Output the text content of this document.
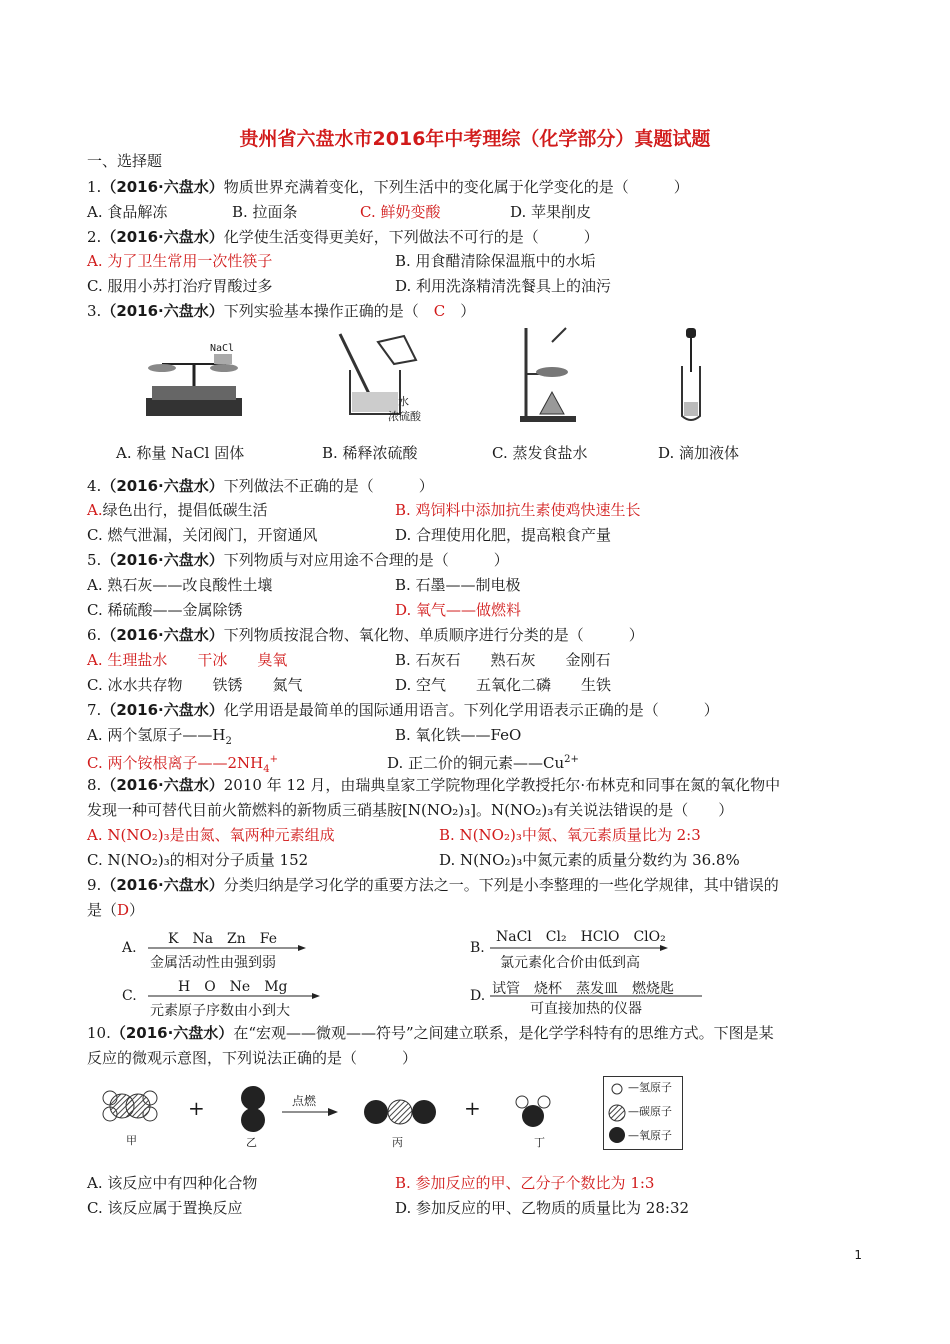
贵州省六盘水市2016年中考理综（化学部分）真题试题
一、选择题
1.（2016·六盘水）物质世界充满着变化，下列生活中的变化属于化学变化的是（　　　）
A. 食品解冻	B. 拉面条	C. 鲜奶变酸	D. 苹果削皮
2.（2016·六盘水）化学使生活变得更美好，下列做法不可行的是（　　　）
A. 为了卫生常用一次性筷子	B. 用食醋清除保温瓶中的水垢
C. 服用小苏打治疗胃酸过多	D. 利用洗涤精清洗餐具上的油污
3.（2016·六盘水）下列实验基本操作正确的是（　 C　 ）
NaCl
水
浓硫酸
A. 称量 NaCl 固体	B. 稀释浓硫酸	C. 蒸发食盐水	D. 滴加液体
4.（2016·六盘水）下列做法不正确的是（　　　）
A.绿色出行，提倡低碳生活	B. 鸡饲料中添加抗生素使鸡快速生长
C. 燃气泄漏，关闭阀门，开窗通风	D. 合理使用化肥，提高粮食产量
5.（2016·六盘水）下列物质与对应用途不合理的是（　　　）
A. 熟石灰——改良酸性土壤	B. 石墨——制电极
C. 稀硫酸——金属除锈	D. 氧气——做燃料
6.（2016·六盘水）下列物质按混合物、氧化物、单质顺序进行分类的是（　　　）
A. 生理盐水　　干冰　　臭氧	B. 石灰石　　熟石灰　　金刚石
C. 冰水共存物　　铁锈　　氮气	D. 空气　　五氧化二磷　　生铁
7.（2016·六盘水）化学用语是最简单的国际通用语言。下列化学用语表示正确的是（　　　）
A. 两个氢原子$——H_2$	B. 氧化铁——FeO
C. 两个铵根离子$——2NH_4^+$	D. 正二价的铜元素$——Cu^{2+}$
8.（2016·六盘水）2010 年 12 月，由瑞典皇家工学院物理化学教授托尔·布林克和同事在氮的氧化物中
发现一种可替代目前火箭燃料的新物质三硝基胺[N(NO₂)₃]。N(NO₂)₃有关说法错误的是（　　）
A. N(NO₂)₃是由氮、氧两种元素组成	B. N(NO₂)₃中氮、氧元素质量比为 2:3
C. N(NO₂)₃的相对分子质量 152	D. N(NO₂)₃中氮元素的质量分数约为 36.8%
9.（2016·六盘水）分类归纳是学习化学的重要方法之一。下列是小李整理的一些化学规律，其中错误的
是（D）
A.
K　Na　Zn　Fe
金属活动性由强到弱
B.
NaCl　Cl₂　HClO　ClO₂
氯元素化合价由低到高
C.
H　O　Ne　Mg
元素原子序数由小到大
D. 试管　烧杯　蒸发皿　燃烧匙
可直接加热的仪器
10.（2016·六盘水）在“宏观——微观——符号”之间建立联系，是化学学科特有的思维方式。下图是某
反应的微观示意图，下列说法正确的是（　　　）
甲
+
乙
点燃
丙
+
丁
—氢原子
—碳原子
—氧原子
A. 该反应中有四种化合物	B. 参加反应的甲、乙分子个数比为 1:3
C. 该反应属于置换反应	D. 参加反应的甲、乙物质的质量比为 28:32
1
